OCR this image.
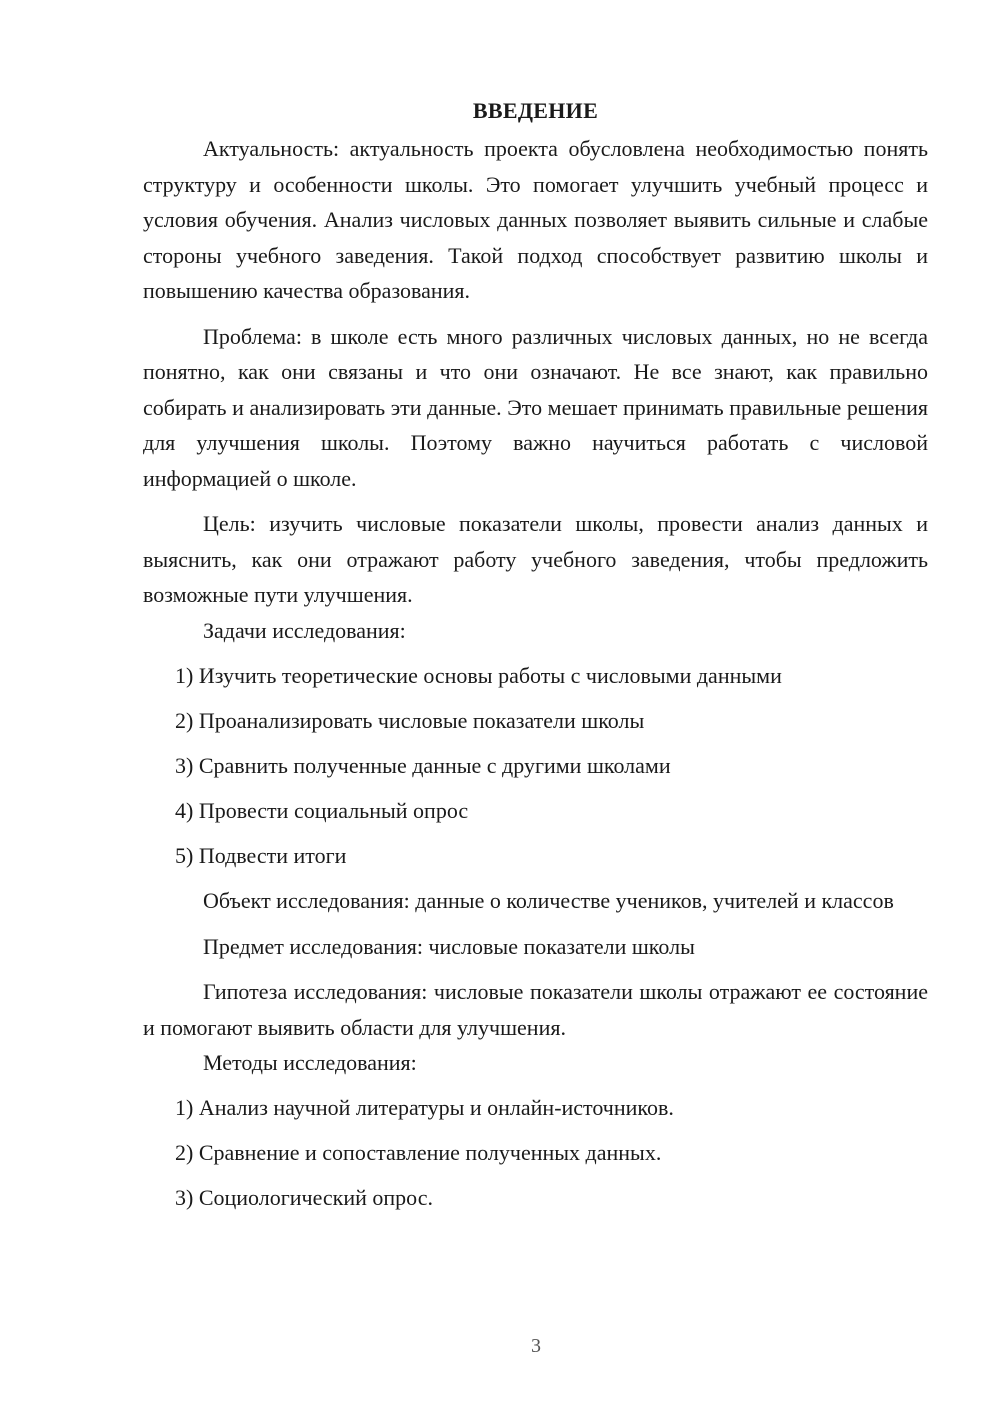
ВВЕДЕНИЕ

Актуальность: актуальность проекта обусловлена необходимостью понять структуру и особенности школы. Это помогает улучшить учебный процесс и условия обучения. Анализ числовых данных позволяет выявить сильные и слабые стороны учебного заведения. Такой подход способствует развитию школы и повышению качества образования.

Проблема: в школе есть много различных числовых данных, но не всегда понятно, как они связаны и что они означают. Не все знают, как правильно собирать и анализировать эти данные. Это мешает принимать правильные решения для улучшения школы. Поэтому важно научиться работать с числовой информацией о школе.

Цель: изучить числовые показатели школы, провести анализ данных и выяснить, как они отражают работу учебного заведения, чтобы предложить возможные пути улучшения.

Задачи исследования:

1) Изучить теоретические основы работы с числовыми данными

2) Проанализировать числовые показатели школы

3) Сравнить полученные данные с другими школами

4) Провести социальный опрос

5) Подвести итоги

Объект исследования: данные о количестве учеников, учителей и классов

Предмет исследования: числовые показатели школы

Гипотеза исследования: числовые показатели школы отражают ее состояние и помогают выявить области для улучшения.

Методы исследования:

1) Анализ научной литературы и онлайн-источников.

2) Сравнение и сопоставление полученных данных.

3) Социологический опрос.

3
